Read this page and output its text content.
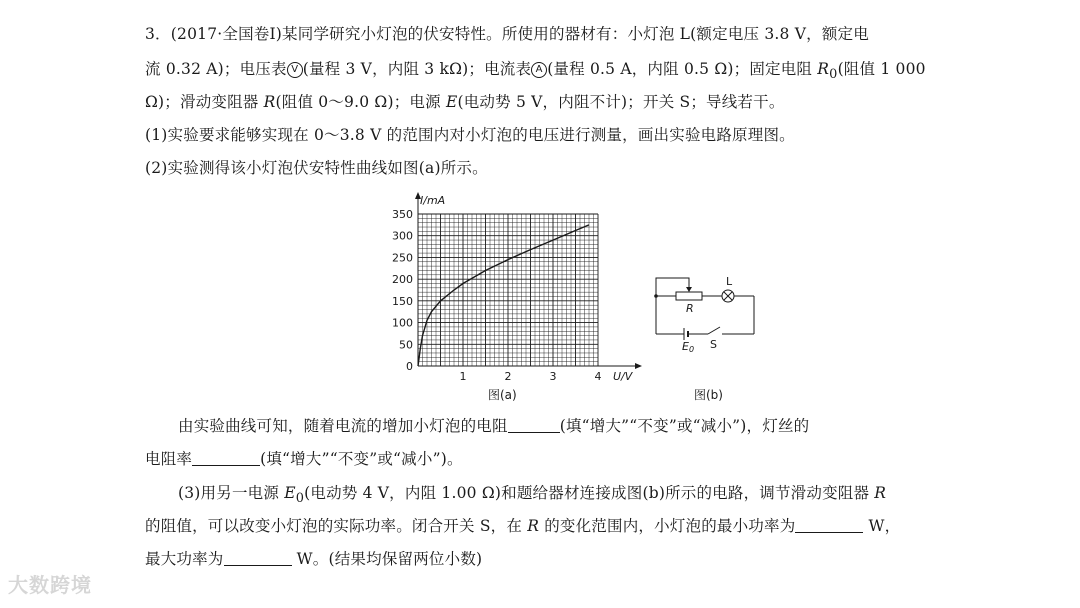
3．(2017·全国卷Ⅰ)某同学研究小灯泡的伏安特性。所使用的器材有：小灯泡 L(额定电压 3.8 V，额定电
流 0.32 A)；电压表 V (量程 3 V，内阻 3 kΩ)；电流表 A (量程 0.5 A，内阻 0.5 Ω)；固定电阻 $R_0$(阻值 1 000
Ω)；滑动变阻器 R(阻值 0～9.0 Ω)；电源 E(电动势 5 V，内阻不计)；开关 S；导线若干。
(1)实验要求能够实现在 0～3.8 V 的范围内对小灯泡的电压进行测量，画出实验电路原理图。
(2)实验测得该小灯泡伏安特性曲线如图(a)所示。
0
50
100
150
200
250
300
350
1	2	3	4
I/mA
U/V
图(a)
L
R
E0 S
图(b)
由实验曲线可知，随着电流的增加小灯泡的电阻	(填“增大”“不变”或“减小”)，灯丝的
电阻率	(填“增大”“不变”或“减小”)。
(3)用另一电源 $E_0$(电动势 4 V，内阻 1.00 Ω)和题给器材连接成图(b)所示的电路，调节滑动变阻器 R
的阻值，可以改变小灯泡的实际功率。闭合开关 S，在 R 的变化范围内，小灯泡的最小功率为	W，
最大功率为	W。(结果均保留两位小数)
大数跨境
